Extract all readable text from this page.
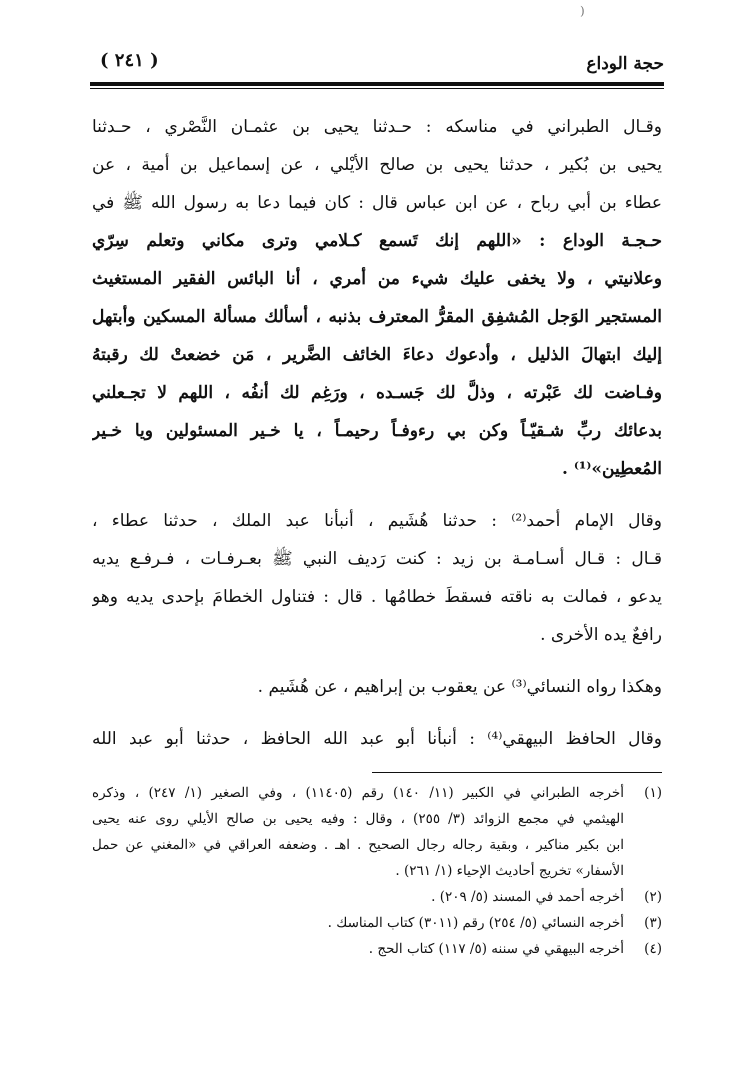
(
حجة الوداع
( ٢٤١ )
وقـال الطبراني في مناسكه : حـدثنا يحيى بن عثمـان النَّصْري ، حـدثنا
يحيى بن بُكير ، حدثنا يحيى بن صالح الأيْلي ، عن إسماعيل بن أمية ، عن
عطاء بن أبي رباح ، عن ابن عباس قال : كان فيما دعا به رسول الله ﷺ في
حـجـة الوداع : «اللهم إنك تَسمع كـلامي وترى مكاني وتعلم سِرّي
وعلانيتي ، ولا يخفى عليك شيء من أمري ، أنا البائس الفقير المستغيث
المستجير الوَجل المُشفِق المقرُّ المعترف بذنبه ، أسألك مسألة المسكين وأبتهل
إليك ابتهالَ الذليل ، وأدعوك دعاءَ الخائف الضَّرير ، مَن خضعتْ لك رقبتهُ
وفـاضت لك عَبْرته ، وذلَّ لك جَسـده ، ورَغِم لك أنفُه ، اللهم لا تجـعلني
بدعائك ربِّ شـقيّـاً وكن بي رءوفـاً رحيمـاً ، يا خـير المسئولين ويا خـير
المُعطِين»⁽¹⁾ .
وقال الإمام أحمد⁽²⁾ : حدثنا هُشَيم ، أنبأنا عبد الملك ، حدثنا عطاء ،
قـال : قـال أسـامـة بن زيد : كنت رَديف النبي ﷺ بعـرفـات ، فـرفـع يديه
يدعو ، فمالت به ناقته فسقطَ خطامُها . قال : فتناول الخطامَ بإحدى يديه وهو
رافعٌ يده الأخرى .
وهكذا رواه النسائي⁽³⁾ عن يعقوب بن إبراهيم ، عن هُشَيم .
وقال الحافظ البيهقي⁽⁴⁾ : أنبأنا أبو عبد الله الحافظ ، حدثنا أبو عبد الله
(١)
أخرجه الطبراني في الكبير (١١/ ١٤٠) رقم (١١٤٠٥) ، وفي الصغير (١/ ٢٤٧) ، وذكره
الهيثمي في مجمع الزوائد (٣/ ٢٥٥) ، وقال : وفيه يحيى بن صالح الأيلي روى عنه يحيى
ابن بكير مناكير ، وبقية رجاله رجال الصحيح . اهـ . وضعفه العراقي في «المغني عن حمل
الأسفار» تخريج أحاديث الإحياء (١/ ٢٦١) .
(٢)
أخرجه أحمد في المسند (٥/ ٢٠٩) .
(٣)
أخرجه النسائي (٥/ ٢٥٤) رقم (٣٠١١) كتاب المناسك .
(٤)
أخرجه البيهقي في سننه (٥/ ١١٧) كتاب الحج .
